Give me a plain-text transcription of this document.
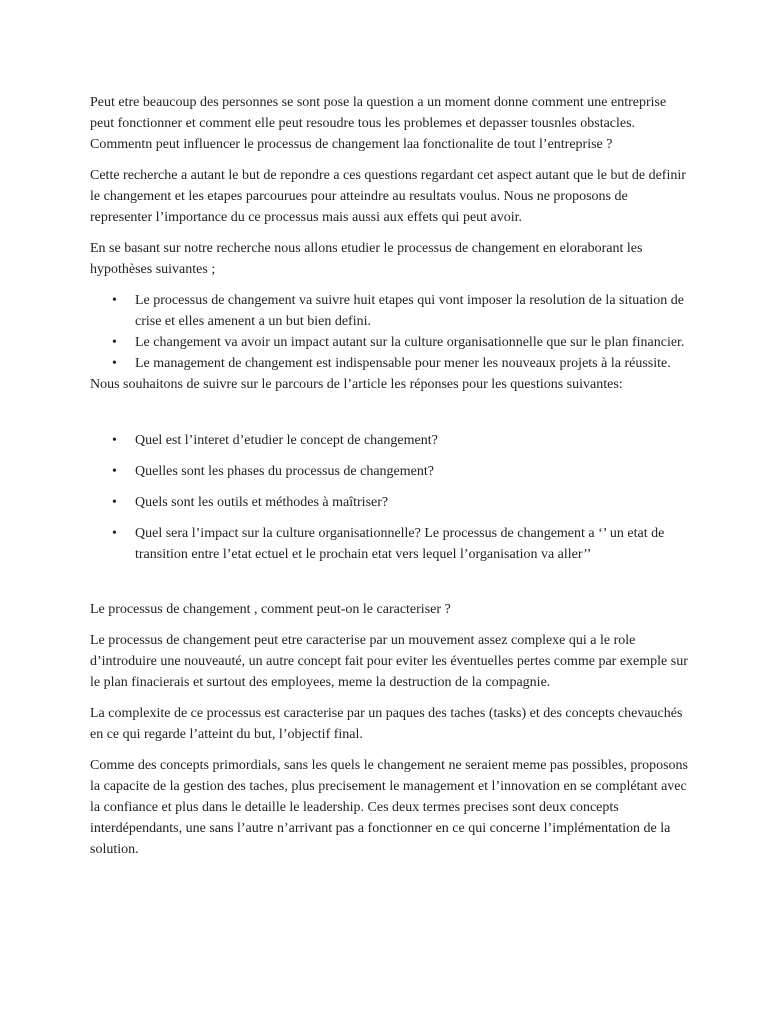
Peut etre beaucoup des personnes se sont pose la question a un moment donne comment une entreprise peut fonctionner et comment elle peut resoudre tous les problemes et depasser tousnles obstacles. Commentn peut influencer le processus de changement laa fonctionalite de tout l’entreprise ?

Cette recherche a autant le but de repondre a ces questions regardant cet aspect autant que le but de definir le changement et les etapes parcourues pour atteindre au resultats voulus. Nous ne proposons de representer l’importance du ce processus mais aussi aux effets qui peut avoir.

En se basant sur notre recherche nous allons etudier le processus de changement en eloraborant les hypothèses suivantes ;

• Le processus de changement va suivre huit etapes qui vont imposer la resolution de la situation de crise et elles amenent a un but bien defini.
• Le changement va avoir un impact autant sur la culture organisationnelle que sur le plan financier.
• Le management de changement est indispensable pour mener les nouveaux projets à la réussite.

Nous souhaitons de suivre sur le parcours de l’article les réponses pour les questions suivantes:

• Quel est l’interet d’etudier le concept de changement?
• Quelles sont les phases du processus de changement?
• Quels sont les outils et méthodes à maîtriser?
• Quel sera l’impact sur la culture organisationnelle? Le processus de changement a ‘’ un etat de transition entre l’etat ectuel et le prochain etat vers lequel l’organisation va aller’’

Le processus de changement , comment peut-on le caracteriser ?

Le processus de changement peut etre caracterise par un mouvement assez complexe qui a le role d’introduire une nouveauté, un autre concept fait pour eviter les éventuelles pertes comme par exemple sur le plan finacierais et surtout des employees, meme la destruction de la compagnie.

La complexite de ce processus est caracterise par un paques des taches (tasks) et des concepts chevauchés en ce qui regarde l’atteint du but, l’objectif final.

Comme des concepts primordials, sans les quels le changement ne seraient meme pas possibles, proposons la capacite de la gestion des taches, plus precisement le management et l’innovation en se complétant avec la confiance et plus dans le detaille le leadership. Ces deux termes precises sont deux concepts interdépendants, une sans l’autre n’arrivant pas a fonctionner en ce qui concerne l’implémentation de la solution.
